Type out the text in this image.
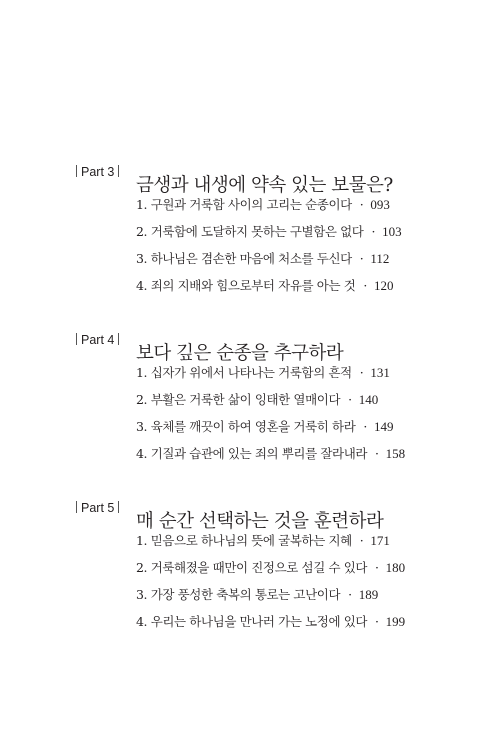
Part 3
금생과 내생에 약속 있는 보물은?
1. 구원과 거룩함 사이의 고리는 순종이다 · 093
2. 거룩함에 도달하지 못하는 구별함은 없다 · 103
3. 하나님은 겸손한 마음에 처소를 두신다 · 112
4. 죄의 지배와 힘으로부터 자유를 아는 것 · 120
Part 4
보다 깊은 순종을 추구하라
1. 십자가 위에서 나타나는 거룩함의 흔적 · 131
2. 부활은 거룩한 삶이 잉태한 열매이다 · 140
3. 육체를 깨끗이 하여 영혼을 거룩히 하라 · 149
4. 기질과 습관에 있는 죄의 뿌리를 잘라내라 · 158
Part 5
매 순간 선택하는 것을 훈련하라
1. 믿음으로 하나님의 뜻에 굴복하는 지혜 · 171
2. 거룩해졌을 때만이 진정으로 섬길 수 있다 · 180
3. 가장 풍성한 축복의 통로는 고난이다 · 189
4. 우리는 하나님을 만나러 가는 노정에 있다 · 199
